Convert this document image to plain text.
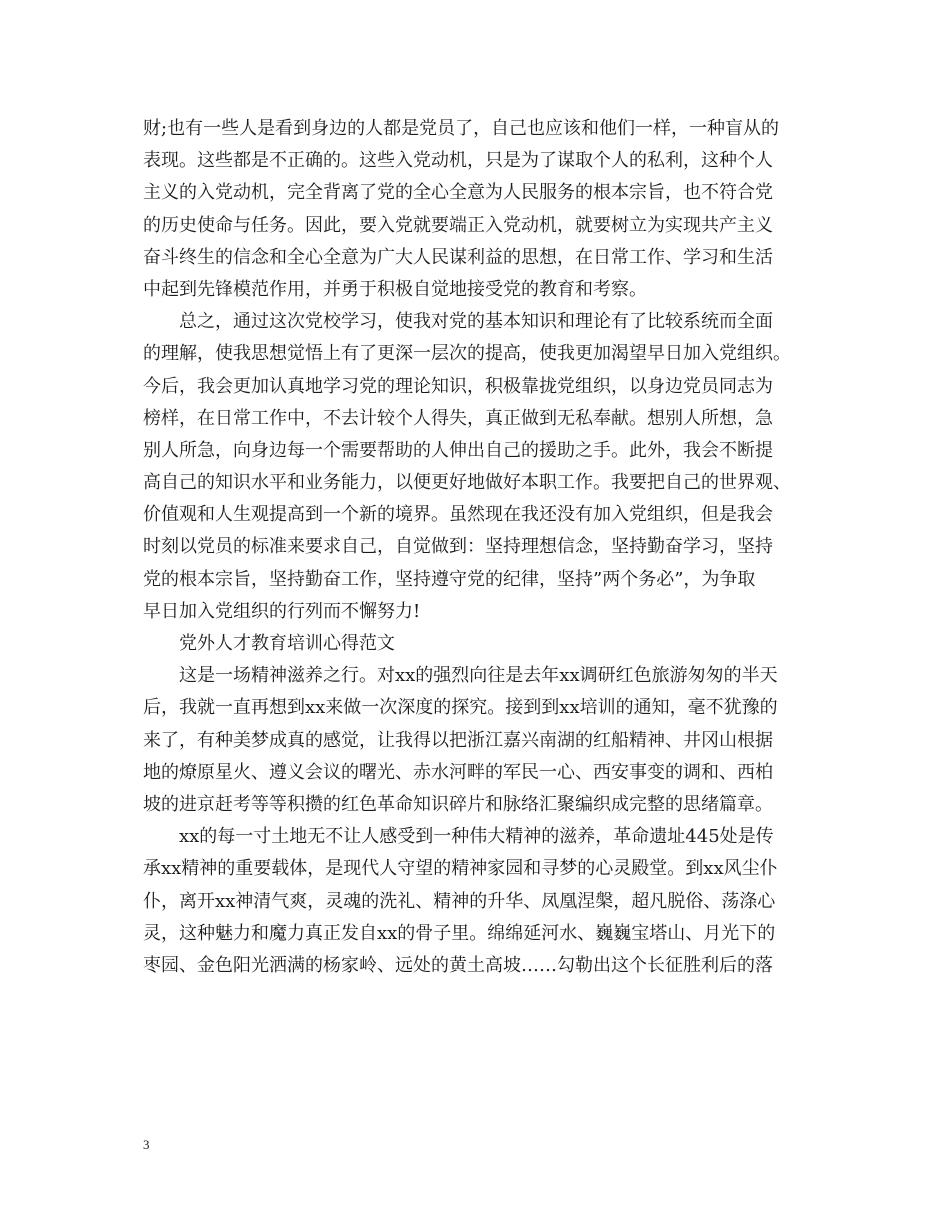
财;也有一些人是看到身边的人都是党员了，自己也应该和他们一样，一种盲从的
表现。这些都是不正确的。这些入党动机，只是为了谋取个人的私利，这种个人
主义的入党动机，完全背离了党的全心全意为人民服务的根本宗旨，也不符合党
的历史使命与任务。因此，要入党就要端正入党动机，就要树立为实现共产主义
奋斗终生的信念和全心全意为广大人民谋利益的思想，在日常工作、学习和生活
中起到先锋模范作用，并勇于积极自觉地接受党的教育和考察。
总之，通过这次党校学习，使我对党的基本知识和理论有了比较系统而全面
的理解，使我思想觉悟上有了更深一层次的提高，使我更加渴望早日加入党组织。
今后，我会更加认真地学习党的理论知识，积极靠拢党组织，以身边党员同志为
榜样，在日常工作中，不去计较个人得失，真正做到无私奉献。想别人所想，急
别人所急，向身边每一个需要帮助的人伸出自己的援助之手。此外，我会不断提
高自己的知识水平和业务能力，以便更好地做好本职工作。我要把自己的世界观、
价值观和人生观提高到一个新的境界。虽然现在我还没有加入党组织，但是我会
时刻以党员的标准来要求自己，自觉做到：坚持理想信念，坚持勤奋学习，坚持
党的根本宗旨，坚持勤奋工作，坚持遵守党的纪律，坚持”两个务必”，为争取
早日加入党组织的行列而不懈努力!
党外人才教育培训心得范文
这是一场精神滋养之行。对xx的强烈向往是去年xx调研红色旅游匆匆的半天
后，我就一直再想到xx来做一次深度的探究。接到到xx培训的通知，毫不犹豫的
来了，有种美梦成真的感觉，让我得以把浙江嘉兴南湖的红船精神、井冈山根据
地的燎原星火、遵义会议的曙光、赤水河畔的军民一心、西安事变的调和、西柏
坡的进京赶考等等积攒的红色革命知识碎片和脉络汇聚编织成完整的思绪篇章。
xx的每一寸土地无不让人感受到一种伟大精神的滋养，革命遗址445处是传
承xx精神的重要载体，是现代人守望的精神家园和寻梦的心灵殿堂。到xx风尘仆
仆，离开xx神清气爽，灵魂的洗礼、精神的升华、凤凰涅槃，超凡脱俗、荡涤心
灵，这种魅力和魔力真正发自xx的骨子里。绵绵延河水、巍巍宝塔山、月光下的
枣园、金色阳光洒满的杨家岭、远处的黄土高坡……勾勒出这个长征胜利后的落
3
